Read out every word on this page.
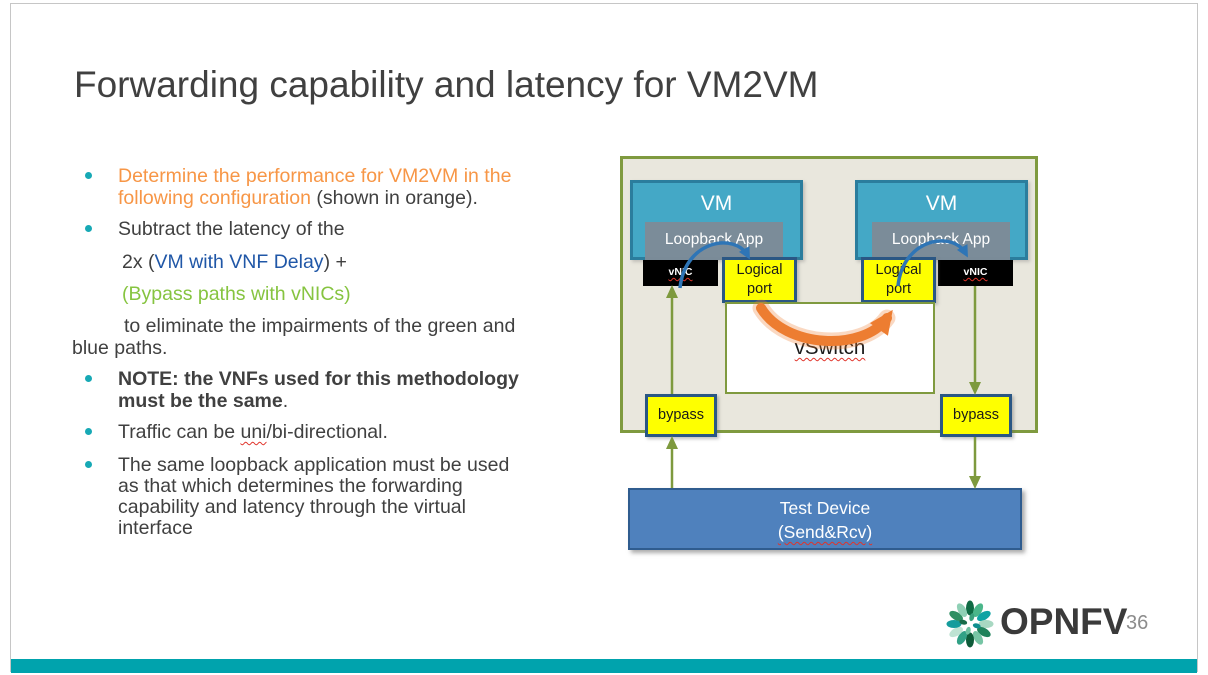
Forwarding capability and latency for VM2VM
Determine the performance for VM2VM in the
following configuration (shown in orange).
Subtract the latency of the
2x (VM with VNF Delay) +
(Bypass paths with vNICs)
to eliminate the impairments of the green and
blue paths.
NOTE: the VNFs used for this methodology
must be the same.
Traffic can be uni/bi-directional.
The same loopback application must be used
as that which determines the forwarding
capability and latency through the virtual
interface
VM	VM
Loopback App	Loopback App
vNIC	vNIC
Logical port
Logical port
vSwitch
bypass	bypass
Test Device
(Send&Rcv)
OPNFV
36
